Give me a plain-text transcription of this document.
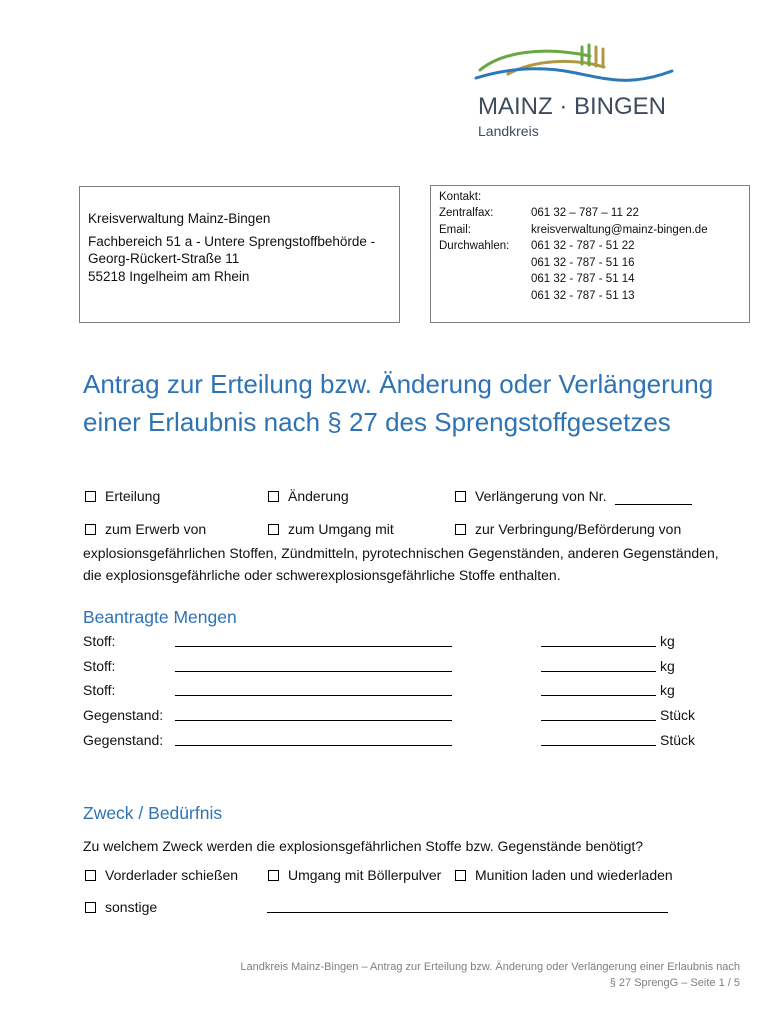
MAINZ · BINGEN
Landkreis
Kreisverwaltung Mainz-Bingen
Fachbereich 51 a - Untere Sprengstoffbehörde -
Georg-Rückert-Straße 11
55218 Ingelheim am Rhein
Kontakt:
Zentralfax:	061 32 – 787 – 11 22
Email:	kreisverwaltung@mainz-bingen.de
Durchwahlen: 061 32 - 787 - 51 22
061 32 - 787 - 51 16
061 32 - 787 - 51 14
061 32 - 787 - 51 13
Antrag zur Erteilung bzw. Änderung oder Verlängerung
einer Erlaubnis nach § 27 des Sprengstoffgesetzes
Erteilung	Änderung	Verlängerung von Nr.
zum Erwerb von	zum Umgang mit	zur Verbringung/Beförderung von
explosionsgefährlichen Stoffen, Zündmitteln, pyrotechnischen Gegenständen, anderen Gegenständen,
die explosionsgefährliche oder schwerexplosionsgefährliche Stoffe enthalten.
Beantragte Mengen
Stoff:	kg
Stoff:	kg
Stoff:	kg
Gegenstand:	Stück
Gegenstand:	Stück
Zweck / Bedürfnis
Zu welchem Zweck werden die explosionsgefährlichen Stoffe bzw. Gegenstände benötigt?
Vorderlader schießen	Umgang mit Böllerpulver Munition laden und wiederladen
sonstige
Landkreis Mainz-Bingen – Antrag zur Erteilung bzw. Änderung oder Verlängerung einer Erlaubnis nach
§ 27 SprengG – Seite 1 / 5
